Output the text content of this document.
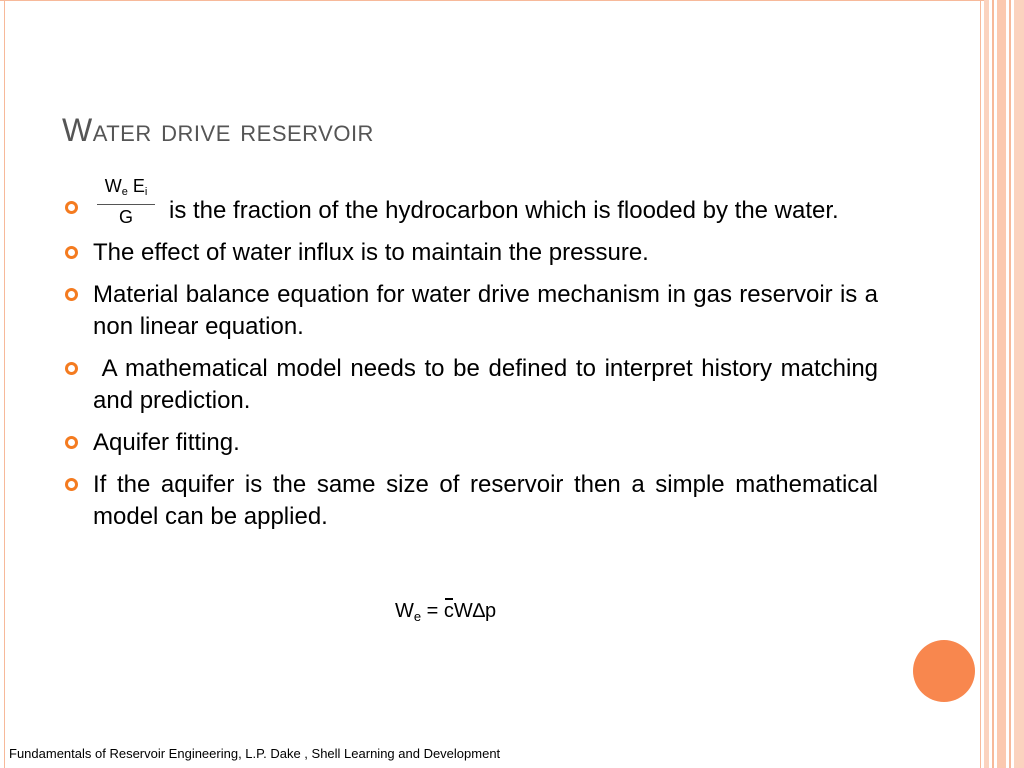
Water drive reservoir
$\frac{W_e E_i}{G}$ is the fraction of the hydrocarbon which is flooded by the water.
The effect of water influx is to maintain the pressure.
Material balance equation for water drive mechanism in gas reservoir is a non linear equation.
A mathematical model needs to be defined to interpret history matching and prediction.
Aquifer fitting.
If the aquifer is the same size of reservoir then a simple mathematical model can be applied.
$W_e = cW\Delta p$
Fundamentals of Reservoir Engineering, L.P. Dake , Shell Learning and Development
